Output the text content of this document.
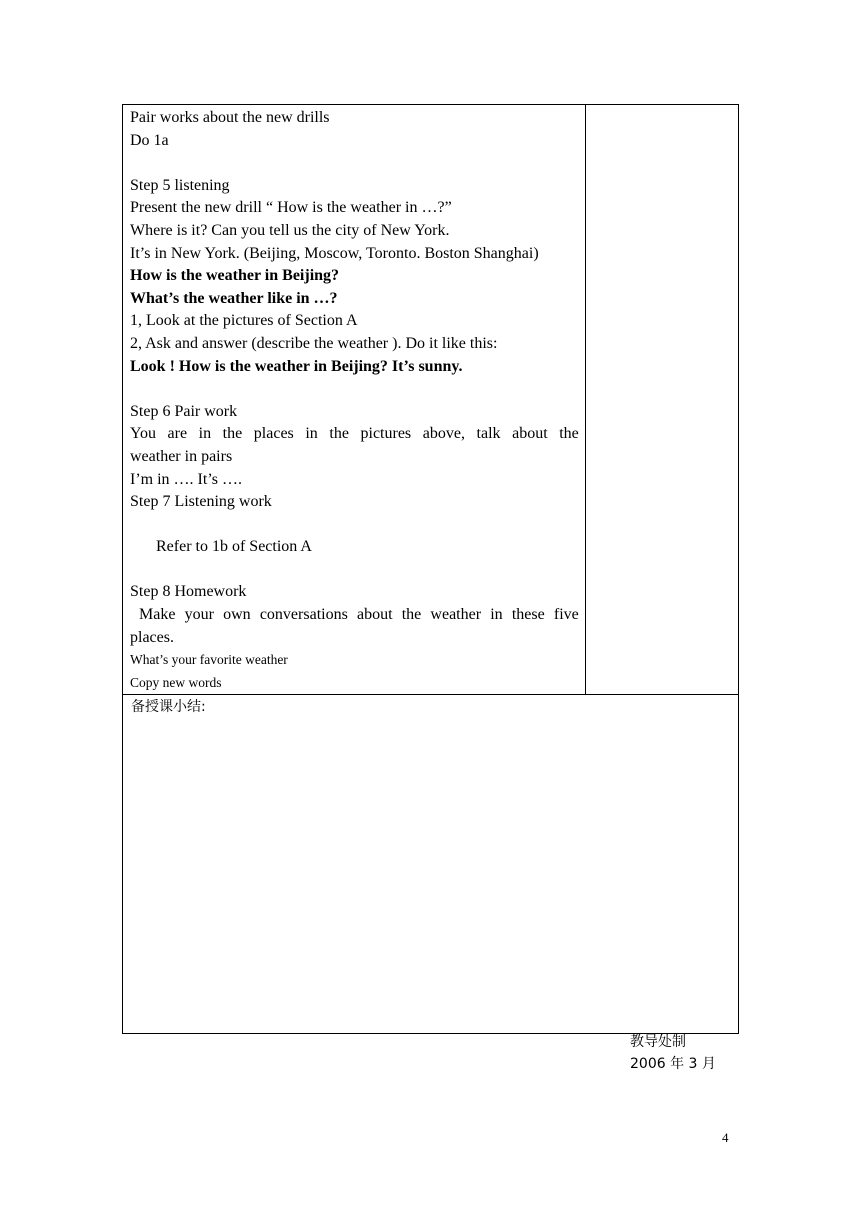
Pair works about the new drills
Do 1a
Step 5 listening
Present the new drill “ How is the weather in …?”
Where is it? Can you tell us the city of New York.
It’s in New York. (Beijing, Moscow, Toronto. Boston Shanghai)
How is the weather in Beijing?
What’s the weather like in …?
1, Look at the pictures of Section A
2, Ask and answer (describe the weather ). Do it like this:
Look ! How is the weather in Beijing? It’s sunny.
Step 6 Pair work
You are in the places in the pictures above, talk about the
weather in pairs
I’m in …. It’s ….
Step 7 Listening work
Refer to 1b of Section A
Step 8 Homework
Make your own conversations about the weather in these five
places.
What’s your favorite weather
Copy new words

备授课小结:
教导处制
2006 年 3 月
4
